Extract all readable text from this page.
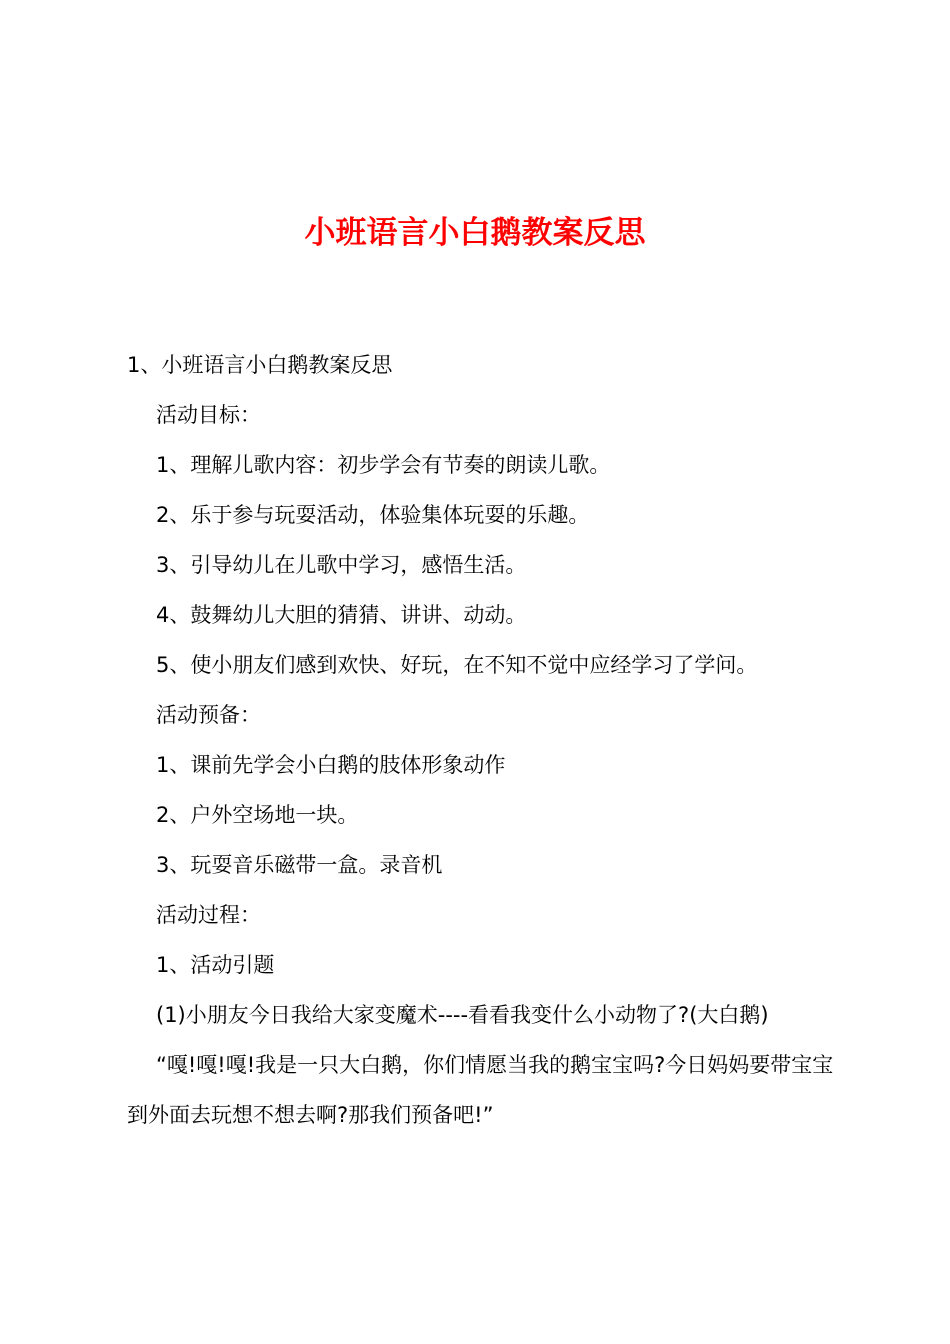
小班语言小白鹅教案反思
1、小班语言小白鹅教案反思
活动目标：
1、理解儿歌内容：初步学会有节奏的朗读儿歌。
2、乐于参与玩耍活动，体验集体玩耍的乐趣。
3、引导幼儿在儿歌中学习，感悟生活。
4、鼓舞幼儿大胆的猜猜、讲讲、动动。
5、使小朋友们感到欢快、好玩，在不知不觉中应经学习了学问。
活动预备：
1、课前先学会小白鹅的肢体形象动作
2、户外空场地一块。
3、玩耍音乐磁带一盒。录音机
活动过程：
1、活动引题
(1)小朋友今日我给大家变魔术----看看我变什么小动物了?(大白鹅)
“嘎!嘎!嘎!我是一只大白鹅，你们情愿当我的鹅宝宝吗?今日妈妈要带宝宝到外面去玩想不想去啊?那我们预备吧!”
